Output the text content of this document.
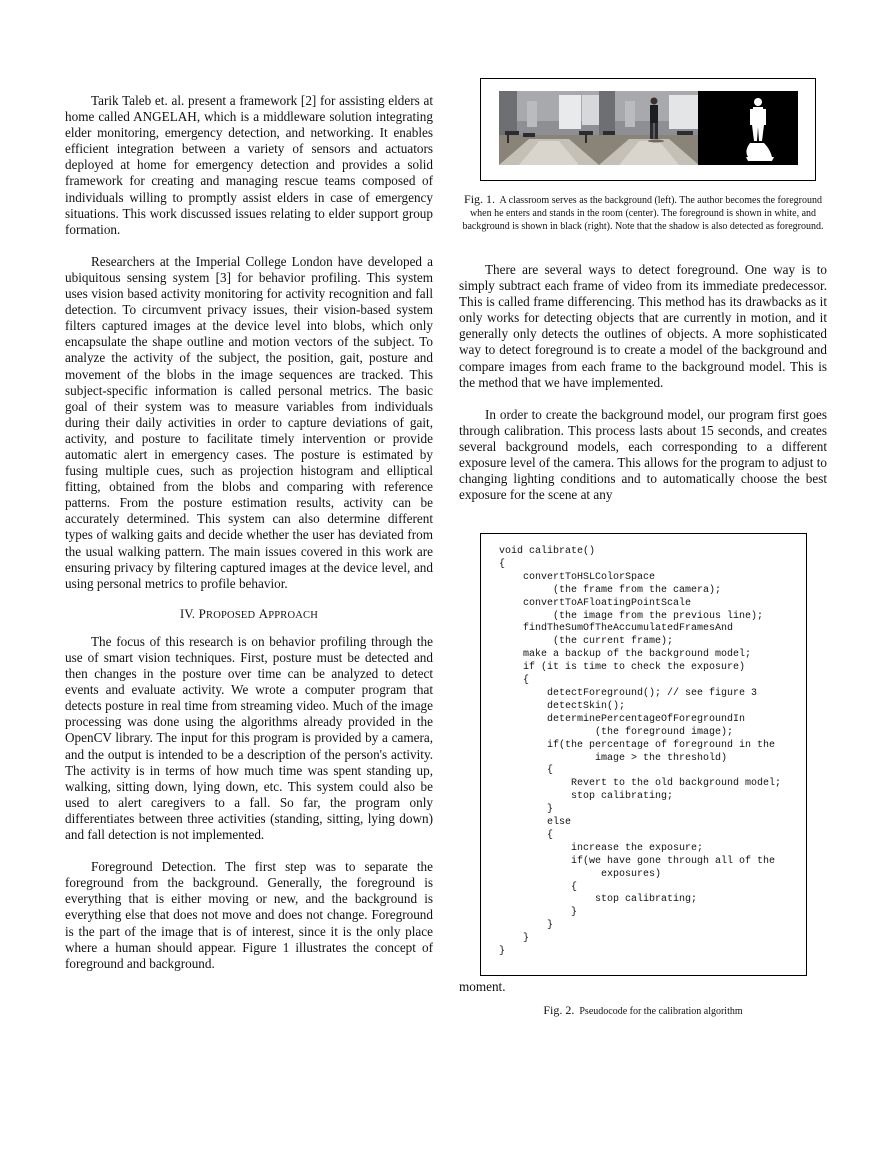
Tarik Taleb et. al. present a framework [2] for assisting elders at home called ANGELAH, which is a middleware solution integrating elder monitoring, emergency detection, and networking. It enables efficient integration between a variety of sensors and actuators deployed at home for emergency detection and provides a solid framework for creating and managing rescue teams composed of individuals willing to promptly assist elders in case of emergency situations. This work discussed issues relating to elder support group formation.

Researchers at the Imperial College London have developed a ubiquitous sensing system [3] for behavior profiling. This system uses vision based activity monitoring for activity recognition and fall detection. To circumvent privacy issues, their vision-based system filters captured images at the device level into blobs, which only encapsulate the shape outline and motion vectors of the subject. To analyze the activity of the subject, the position, gait, posture and movement of the blobs in the image sequences are tracked. This subject-specific information is called personal metrics. The basic goal of their system was to measure variables from individuals during their daily activities in order to capture deviations of gait, activity, and posture to facilitate timely intervention or provide automatic alert in emergency cases. The posture is estimated by fusing multiple cues, such as projection histogram and elliptical fitting, obtained from the blobs and comparing with reference patterns. From the posture estimation results, activity can be accurately determined. This system can also determine different types of walking gaits and decide whether the user has deviated from the usual walking pattern. The main issues covered in this work are ensuring privacy by filtering captured images at the device level, and using personal metrics to profile behavior.

IV. PROPOSED APPROACH

The focus of this research is on behavior profiling through the use of smart vision techniques. First, posture must be detected and then changes in the posture over time can be analyzed to detect events and evaluate activity. We wrote a computer program that detects posture in real time from streaming video. Much of the image processing was done using the algorithms already provided in the OpenCV library. The input for this program is provided by a camera, and the output is intended to be a description of the person's activity. The activity is in terms of how much time was spent standing up, walking, sitting down, lying down, etc. This system could also be used to alert caregivers to a fall. So far, the program only differentiates between three activities (standing, sitting, lying down) and fall detection is not implemented.

Foreground Detection. The first step was to separate the foreground from the background. Generally, the foreground is everything that is either moving or new, and the background is everything else that does not move and does not change. Foreground is the part of the image that is of interest, since it is the only place where a human should appear. Figure 1 illustrates the concept of foreground and background.

Fig. 1. A classroom serves as the background (left). The author becomes the foreground when he enters and stands in the room (center). The foreground is shown in white, and background is shown in black (right). Note that the shadow is also detected as foreground.

There are several ways to detect foreground. One way is to simply subtract each frame of video from its immediate predecessor. This is called frame differencing. This method has its drawbacks as it only works for detecting objects that are currently in motion, and it generally only detects the outlines of objects. A more sophisticated way to detect foreground is to create a model of the background and compare images from each frame to the background model. This is the method that we have implemented.

In order to create the background model, our program first goes through calibration. This process lasts about 15 seconds, and creates several background models, each corresponding to a different exposure level of the camera. This allows for the program to adjust to changing lighting conditions and to automatically choose the best exposure for the scene at any

void calibrate()
{
convertToHSLColorSpace
(the frame from the camera);
convertToAFloatingPointScale
(the image from the previous line);
findTheSumOfTheAccumulatedFramesAnd
(the current frame);
make a backup of the background model;
if (it is time to check the exposure)
{
detectForeground(); // see figure 3
detectSkin();
determinePercentageOfForegroundIn
(the foreground image);
if(the percentage of foreground in the
image > the threshold)
{
Revert to the old background model;
stop calibrating;
}
else
{
increase the exposure;
if(we have gone through all of the
exposures)
{
stop calibrating;
}
}
}
}
moment.
Fig. 2. Pseudocode for the calibration algorithm
